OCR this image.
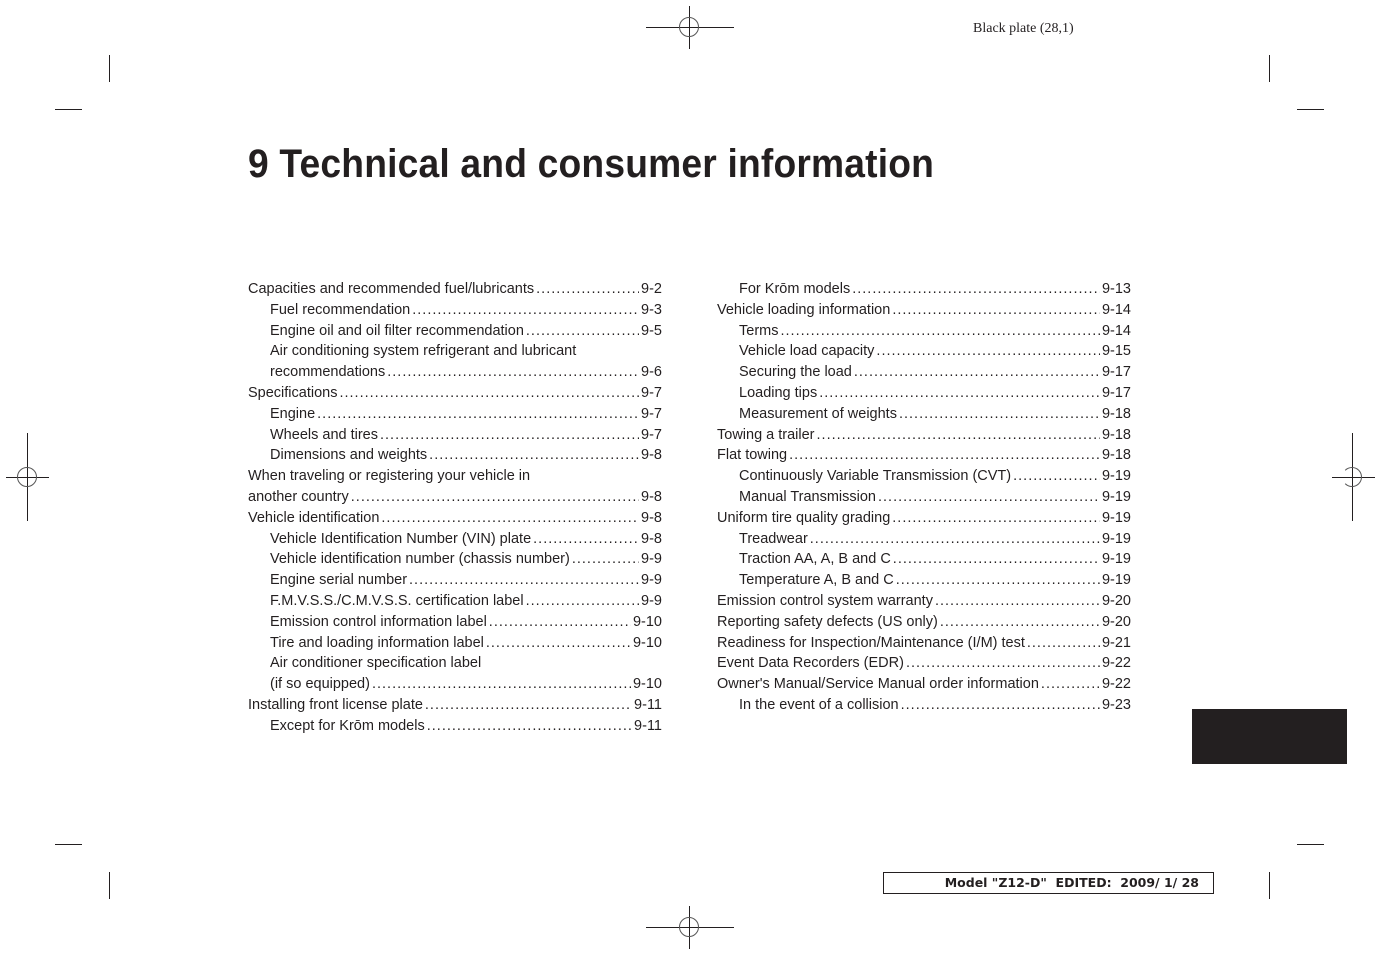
Black plate (28,1)
9 Technical and consumer information
Capacities and recommended fuel/lubricants .....	9-2
Fuel recommendation .....	9-3
Engine oil and oil filter recommendation .....	9-5
Air conditioning system refrigerant and lubricant
recommendations .....	9-6
Specifications .....	9-7
Engine .....	9-7
Wheels and tires .....	9-7
Dimensions and weights .....	9-8
When traveling or registering your vehicle in
another country .....	9-8
Vehicle identification .....	9-8
Vehicle Identification Number (VIN) plate .....	9-8
Vehicle identification number (chassis number) .....	9-9
Engine serial number .....	9-9
F.M.V.S.S./C.M.V.S.S. certification label .....	9-9
Emission control information label .....	9-10
Tire and loading information label .....	9-10
Air conditioner specification label
(if so equipped) .....	9-10
Installing front license plate .....	9-11
Except for Krōm models .....	9-11
For Krōm models .....	9-13
Vehicle loading information .....	9-14
Terms .....	9-14
Vehicle load capacity .....	9-15
Securing the load .....	9-17
Loading tips .....	9-17
Measurement of weights .....	9-18
Towing a trailer .....	9-18
Flat towing .....	9-18
Continuously Variable Transmission (CVT) .....	9-19
Manual Transmission .....	9-19
Uniform tire quality grading .....	9-19
Treadwear .....	9-19
Traction AA, A, B and C .....	9-19
Temperature A, B and C .....	9-19
Emission control system warranty .....	9-20
Reporting safety defects (US only) .....	9-20
Readiness for Inspection/Maintenance (I/M) test .....	9-21
Event Data Recorders (EDR) .....	9-22
Owner's Manual/Service Manual order information .....	9-22
In the event of a collision .....	9-23
Model "Z12-D"  EDITED:  2009/ 1/ 28
